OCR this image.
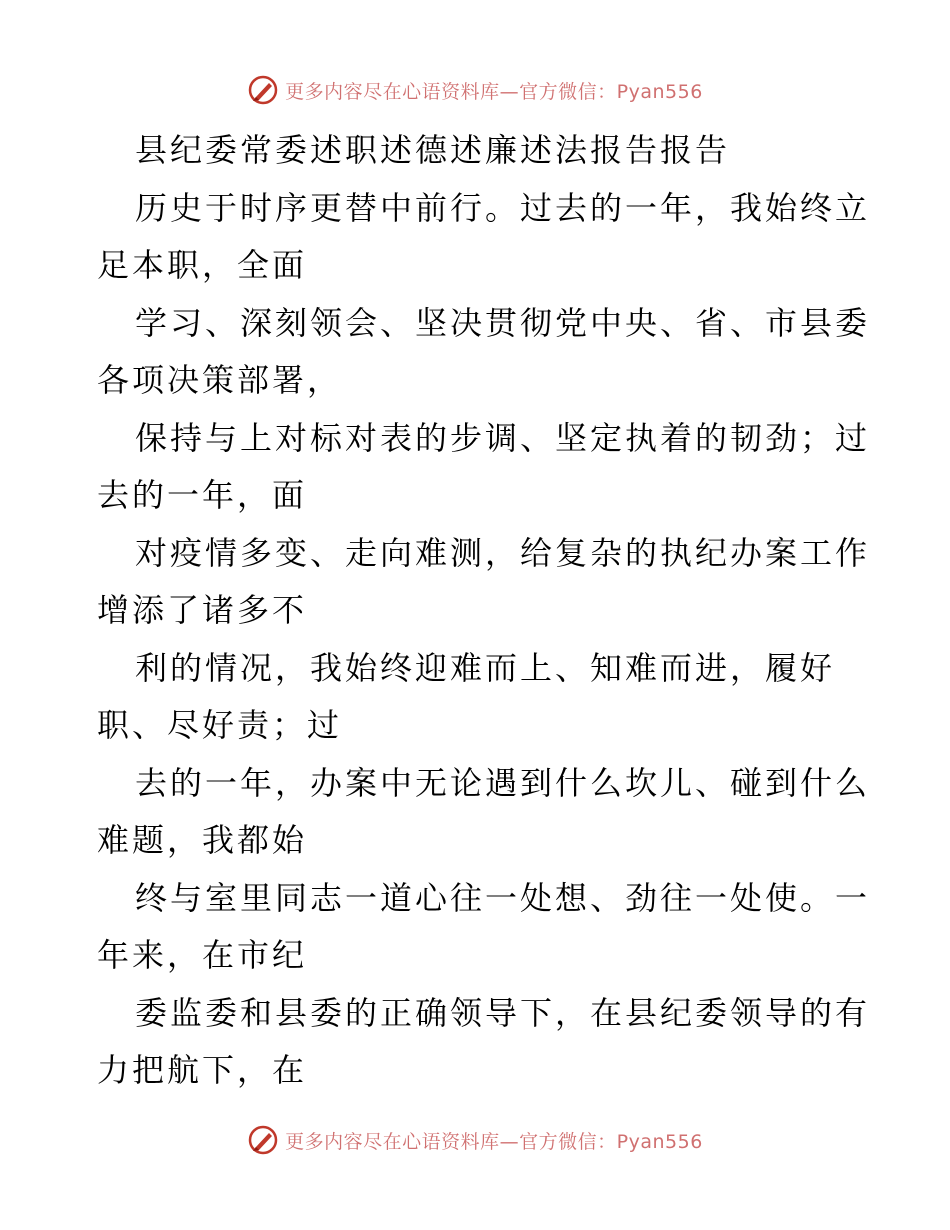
更多内容尽在心语资料库—官方微信：Pyan556
县纪委常委述职述德述廉述法报告报告
历史于时序更替中前行。过去的一年，我始终立
足本职，全面
学习、深刻领会、坚决贯彻党中央、省、市县委
各项决策部署，
保持与上对标对表的步调、坚定执着的韧劲；过
去的一年，面
对疫情多变、走向难测，给复杂的执纪办案工作
增添了诸多不
利的情况，我始终迎难而上、知难而进，履好
职、尽好责；过
去的一年，办案中无论遇到什么坎儿、碰到什么
难题，我都始
终与室里同志一道心往一处想、劲往一处使。一
年来，在市纪
委监委和县委的正确领导下，在县纪委领导的有
力把航下，在
更多内容尽在心语资料库—官方微信：Pyan556
